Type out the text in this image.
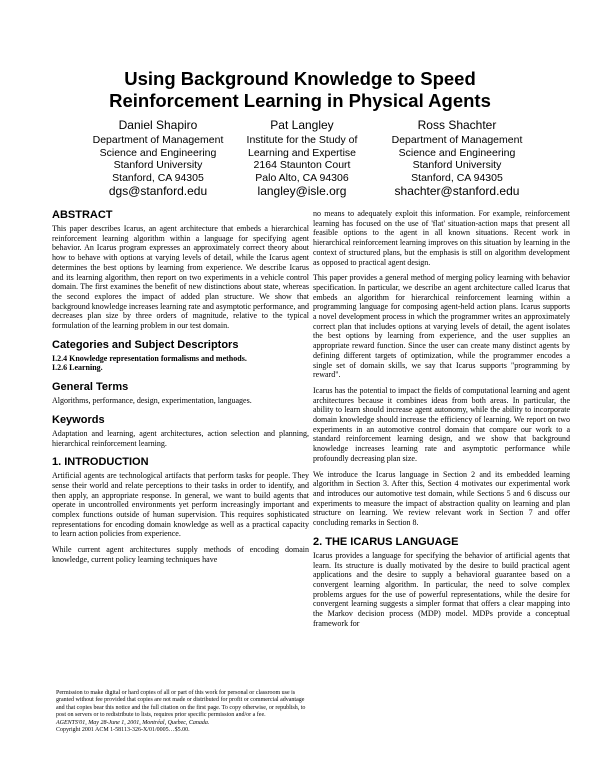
Using Background Knowledge to Speed
Reinforcement Learning in Physical Agents
Daniel Shapiro
Department of Management
Science and Engineering
Stanford University
Stanford, CA 94305
dgs@stanford.edu
Pat Langley
Institute for the Study of
Learning and Expertise
2164 Staunton Court
Palo Alto, CA 94306
langley@isle.org
Ross Shachter
Department of Management
Science and Engineering
Stanford University
Stanford, CA 94305
shachter@stanford.edu
ABSTRACT

This paper describes Icarus, an agent architecture that embeds a hierarchical reinforcement learning algorithm within a language for specifying agent behavior. An Icarus program expresses an approximately correct theory about how to behave with options at varying levels of detail, while the Icarus agent determines the best options by learning from experience. We describe Icarus and its learning algorithm, then report on two experiments in a vehicle control domain. The first examines the benefit of new distinctions about state, whereas the second explores the impact of added plan structure. We show that background knowledge increases learning rate and asymptotic performance, and decreases plan size by three orders of magnitude, relative to the typical formulation of the learning problem in our test domain.

Categories and Subject Descriptors
I.2.4 Knowledge representation formalisms and methods.
I.2.6 Learning.
General Terms

Algorithms, performance, design, experimentation, languages.

Keywords

Adaptation and learning, agent architectures, action selection and planning, hierarchical reinforcement learning.

1. INTRODUCTION

Artificial agents are technological artifacts that perform tasks for people. They sense their world and relate perceptions to their tasks in order to identify, and then apply, an appropriate response. In general, we want to build agents that operate in uncontrolled environments yet perform increasingly important and complex functions outside of human supervision. This requires sophisticated representations for encoding domain knowledge as well as a practical capacity to learn action policies from experience.

While current agent architectures supply methods of encoding domain knowledge, current policy learning techniques have

Permission to make digital or hard copies of all or part of this work for personal or classroom use is granted without fee provided that copies are not made or distributed for profit or commercial advantage and that copies bear this notice and the full citation on the first page. To copy otherwise, or republish, to post on servers or to redistribute to lists, requires prior specific permission and/or a fee.
AGENTS'01, May 28-June 1, 2001, Montréal, Quebec, Canada.
Copyright 2001 ACM 1-58113-326-X/01/0005…$5.00.

no means to adequately exploit this information. For example, reinforcement learning has focused on the use of 'flat' situation-action maps that present all feasible options to the agent in all known situations. Recent work in hierarchical reinforcement learning improves on this situation by learning in the context of structured plans, but the emphasis is still on algorithm development as opposed to practical agent design.

This paper provides a general method of merging policy learning with behavior specification. In particular, we describe an agent architecture called Icarus that embeds an algorithm for hierarchical reinforcement learning within a programming language for composing agent-held action plans. Icarus supports a novel development process in which the programmer writes an approximately correct plan that includes options at varying levels of detail, the agent isolates the best options by learning from experience, and the user supplies an appropriate reward function. Since the user can create many distinct agents by defining different targets of optimization, while the programmer encodes a single set of domain skills, we say that Icarus supports "programming by reward".

Icarus has the potential to impact the fields of computational learning and agent architectures because it combines ideas from both areas. In particular, the ability to learn should increase agent autonomy, while the ability to incorporate domain knowledge should increase the efficiency of learning. We report on two experiments in an automotive control domain that compare our work to a standard reinforcement learning design, and we show that background knowledge increases learning rate and asymptotic performance while profoundly decreasing plan size.

We introduce the Icarus language in Section 2 and its embedded learning algorithm in Section 3. After this, Section 4 motivates our experimental work and introduces our automotive test domain, while Sections 5 and 6 discuss our experiments to measure the impact of abstraction quality on learning and plan structure on learning. We review relevant work in Section 7 and offer concluding remarks in Section 8.

2. THE ICARUS LANGUAGE

Icarus provides a language for specifying the behavior of artificial agents that learn. Its structure is dually motivated by the desire to build practical agent applications and the desire to supply a behavioral guarantee based on a convergent learning algorithm. In particular, the need to solve complex problems argues for the use of powerful representations, while the desire for convergent learning suggests a simpler format that offers a clear mapping into the Markov decision process (MDP) model. MDPs provide a conceptual framework for
